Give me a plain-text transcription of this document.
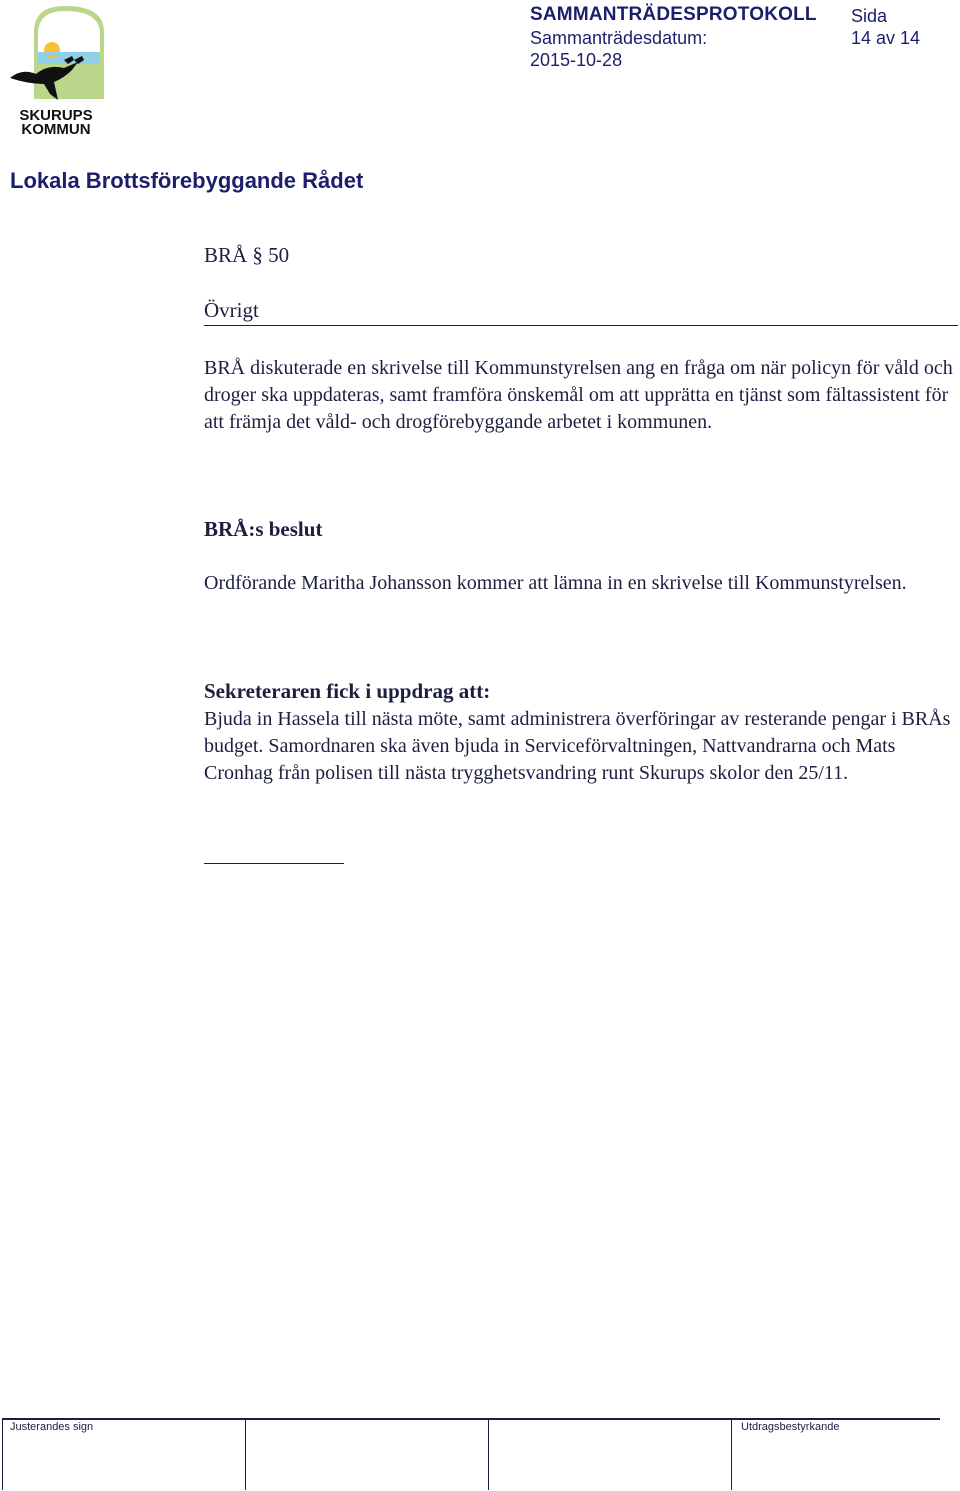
SKURUPS
KOMMUN
SAMMANTRÄDESPROTOKOLL
Sammanträdesdatum:
2015-10-28
Sida
14 av 14
Lokala Brottsförebyggande Rådet
BRÅ § 50
Övrigt
BRÅ diskuterade en skrivelse till Kommunstyrelsen ang en fråga om när policyn för våld och droger ska uppdateras, samt framföra önskemål om att upprätta en tjänst som fältassistent för att främja det våld- och drogförebyggande arbetet i kommunen.
BRÅ:s beslut
Ordförande Maritha Johansson kommer att lämna in en skrivelse till Kommunstyrelsen.
Sekreteraren fick i uppdrag att:
Bjuda in Hassela till nästa möte, samt administrera överföringar av resterande pengar i BRÅs budget. Samordnaren ska även bjuda in Serviceförvaltningen, Nattvandrarna och Mats Cronhag från polisen till nästa trygghetsvandring runt Skurups skolor den 25/11.
Justerandes sign	Utdragsbestyrkande
